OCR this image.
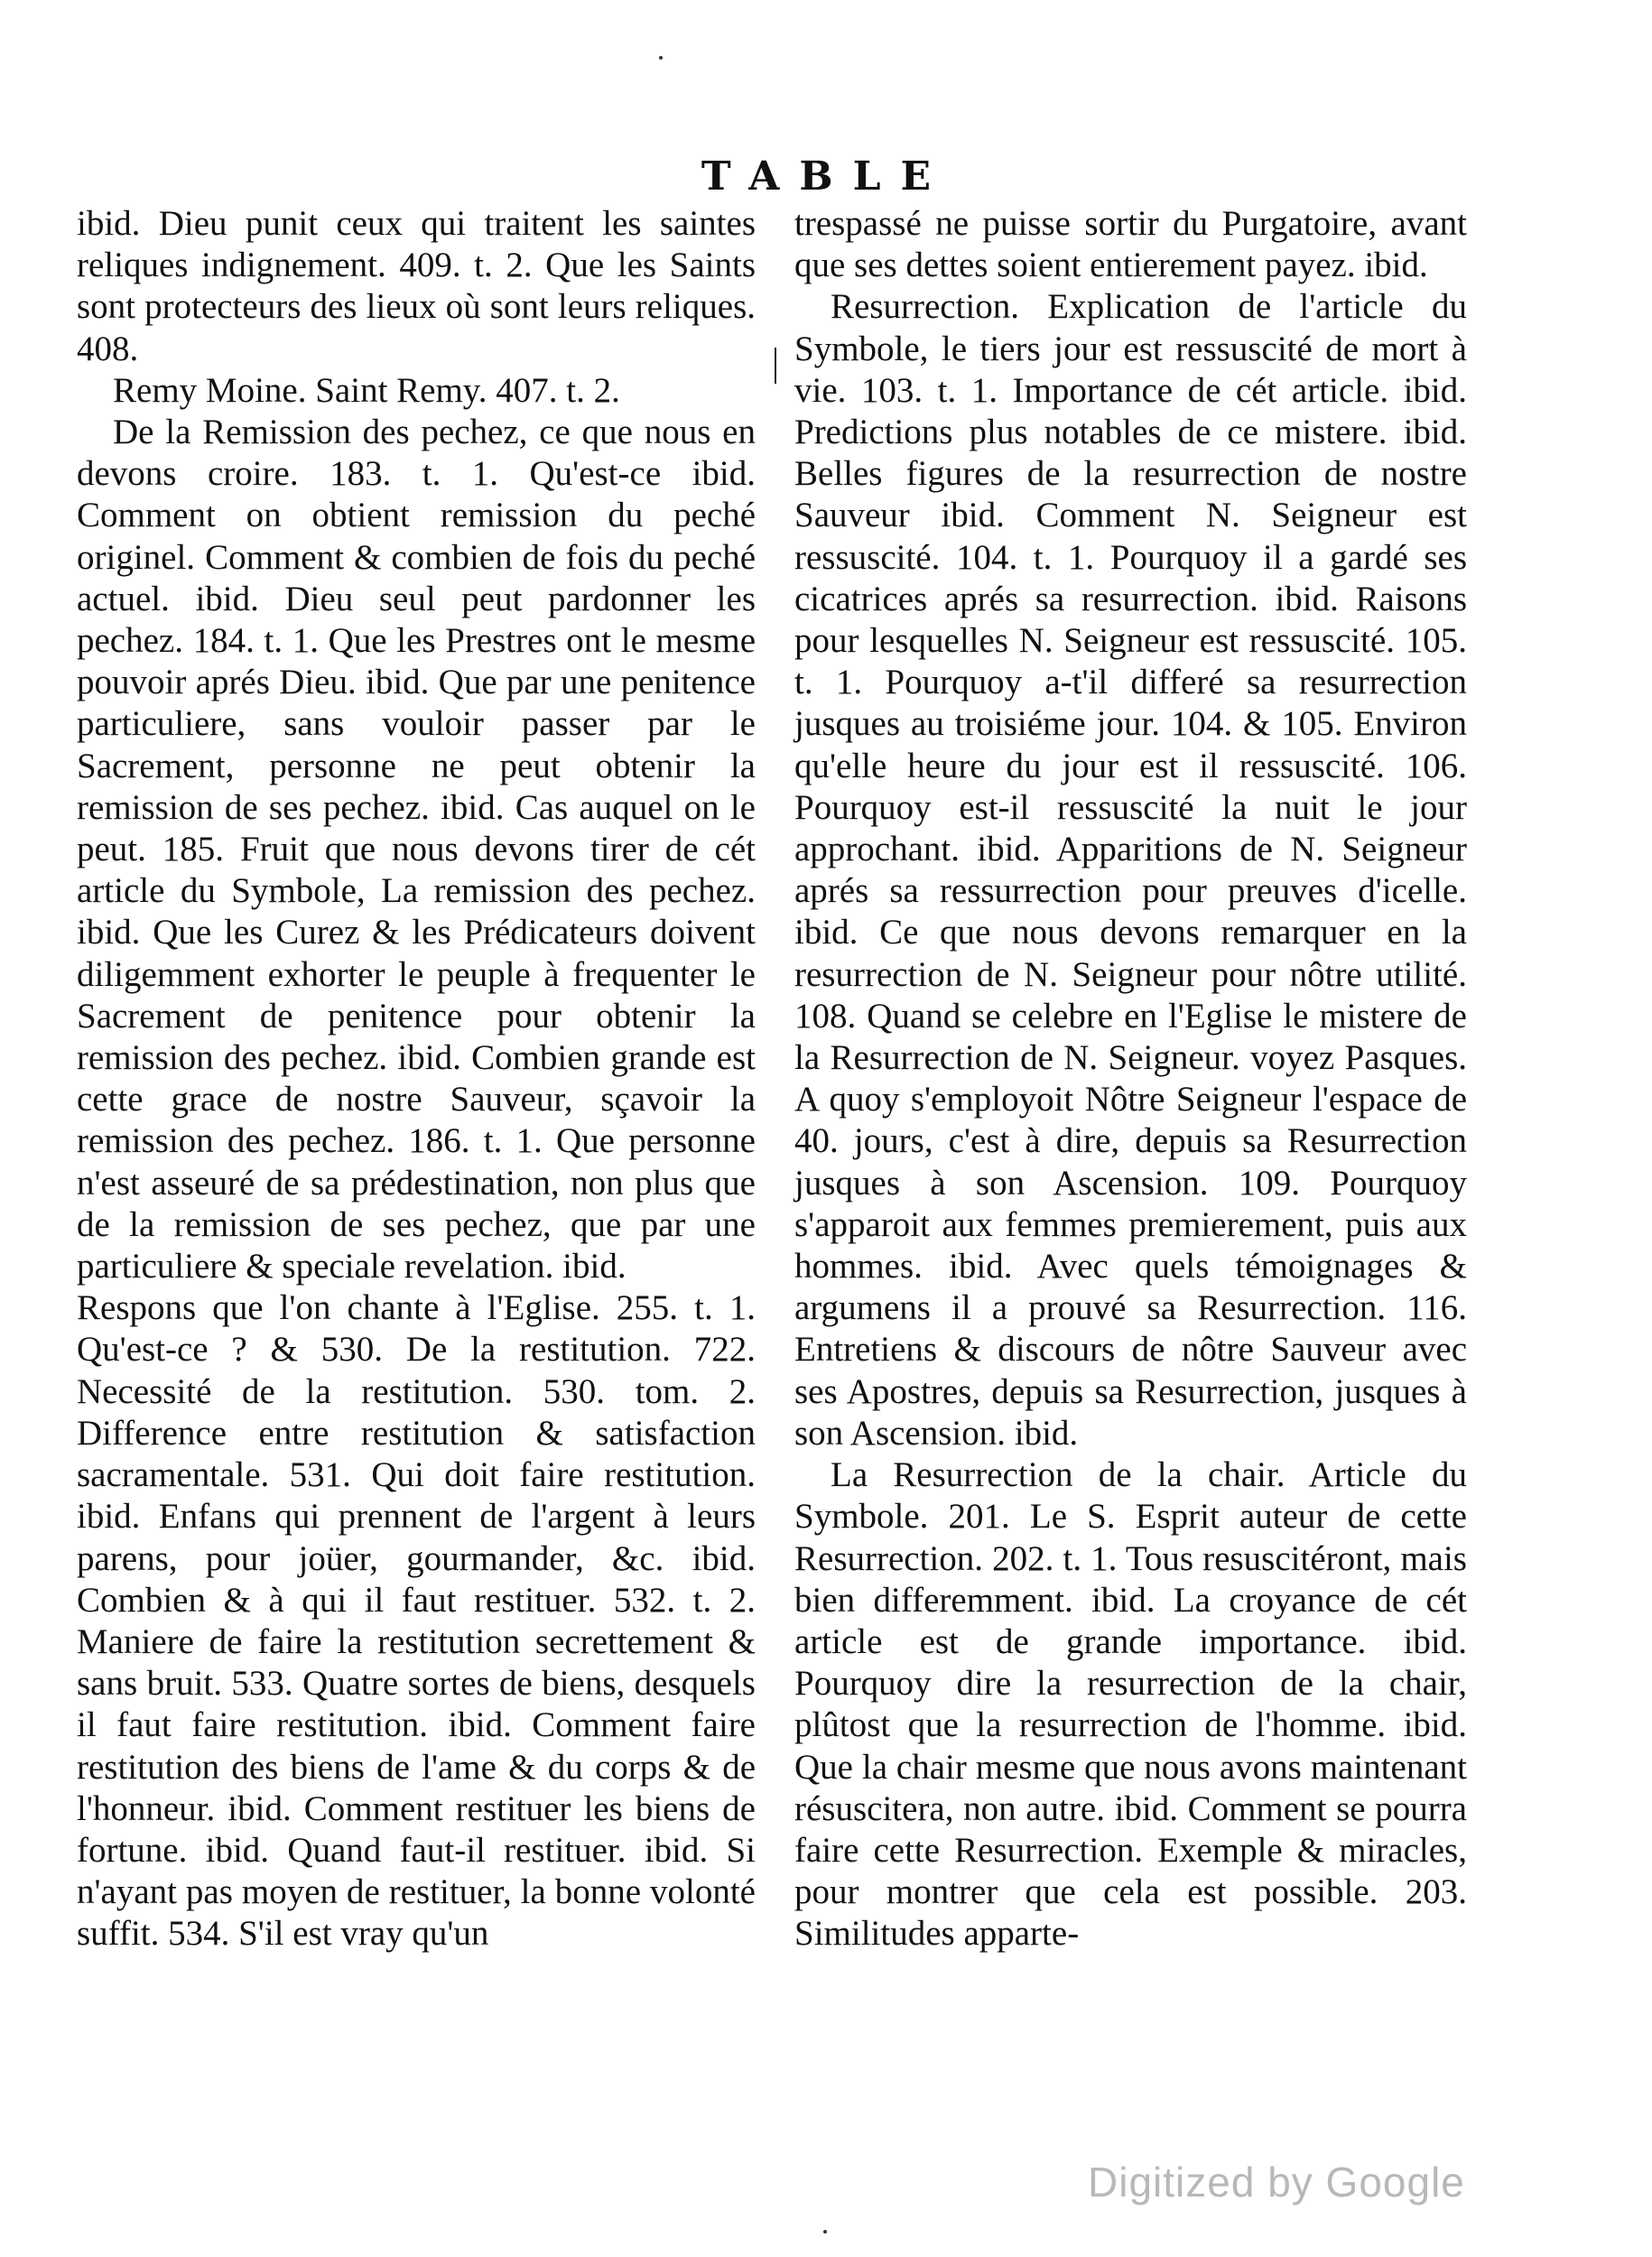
TABLE

ibid. Dieu punit ceux qui traitent les saintes reliques indignement. 409. t. 2. Que les Saints sont protecteurs des lieux où sont leurs reliques. 408.

Remy Moine. Saint Remy. 407. t. 2.

De la Remission des pechez, ce que nous en devons croire. 183. t. 1. Qu'est-ce ibid. Comment on obtient remission du peché originel. Comment & combien de fois du peché actuel. ibid. Dieu seul peut pardonner les pechez. 184. t. 1. Que les Prestres ont le mesme pouvoir aprés Dieu. ibid. Que par une penitence particuliere, sans vouloir passer par le Sacrement, personne ne peut obtenir la remission de ses pechez. ibid. Cas auquel on le peut. 185. Fruit que nous devons tirer de cét article du Symbole, La remission des pechez. ibid. Que les Curez & les Prédicateurs doivent diligemment exhorter le peuple à frequenter le Sacrement de penitence pour obtenir la remission des pechez. ibid. Combien grande est cette grace de nostre Sauveur, sçavoir la remission des pechez. 186. t. 1. Que personne n'est asseuré de sa prédestination, non plus que de la remission de ses pechez, que par une particuliere & speciale revelation. ibid.

Respons que l'on chante à l'Eglise. 255. t. 1. Qu'est-ce ? & 530. De la restitution. 722. Necessité de la restitution. 530. tom. 2. Difference entre restitution & satisfaction sacramentale. 531. Qui doit faire restitution. ibid. Enfans qui prennent de l'argent à leurs parens, pour joüer, gourmander, &c. ibid. Combien & à qui il faut restituer. 532. t. 2. Maniere de faire la restitution secrettement & sans bruit. 533. Quatre sortes de biens, desquels il faut faire restitution. ibid. Comment faire restitution des biens de l'ame & du corps & de l'honneur. ibid. Comment restituer les biens de fortune. ibid. Quand faut-il restituer. ibid. Si n'ayant pas moyen de restituer, la bonne volonté suffit. 534. S'il est vray qu'un

trespassé ne puisse sortir du Purgatoire, avant que ses dettes soient entierement payez. ibid.

Resurrection. Explication de l'article du Symbole, le tiers jour est ressuscité de mort à vie. 103. t. 1. Importance de cét article. ibid. Predictions plus notables de ce mistere. ibid. Belles figures de la resurrection de nostre Sauveur ibid. Comment N. Seigneur est ressuscité. 104. t. 1. Pourquoy il a gardé ses cicatrices aprés sa resurrection. ibid. Raisons pour lesquelles N. Seigneur est ressuscité. 105. t. 1. Pourquoy a-t'il differé sa resurrection jusques au troisiéme jour. 104. & 105. Environ qu'elle heure du jour est il ressuscité. 106. Pourquoy est-il ressuscité la nuit le jour approchant. ibid. Apparitions de N. Seigneur aprés sa ressurrection pour preuves d'icelle. ibid. Ce que nous devons remarquer en la resurrection de N. Seigneur pour nôtre utilité. 108. Quand se celebre en l'Eglise le mistere de la Resurrection de N. Seigneur. voyez Pasques. A quoy s'employoit Nôtre Seigneur l'espace de 40. jours, c'est à dire, depuis sa Resurrection jusques à son Ascension. 109. Pourquoy s'apparoit aux femmes premierement, puis aux hommes. ibid. Avec quels témoignages & argumens il a prouvé sa Resurrection. 116. Entretiens & discours de nôtre Sauveur avec ses Apostres, depuis sa Resurrection, jusques à son Ascension. ibid.

La Resurrection de la chair. Article du Symbole. 201. Le S. Esprit auteur de cette Resurrection. 202. t. 1. Tous resuscitéront, mais bien differemment. ibid. La croyance de cét article est de grande importance. ibid. Pourquoy dire la resurrection de la chair, plûtost que la resurrection de l'homme. ibid. Que la chair mesme que nous avons maintenant résuscitera, non autre. ibid. Comment se pourra faire cette Resurrection. Exemple & miracles, pour montrer que cela est possible. 203. Similitudes apparte-

Digitized by Google
